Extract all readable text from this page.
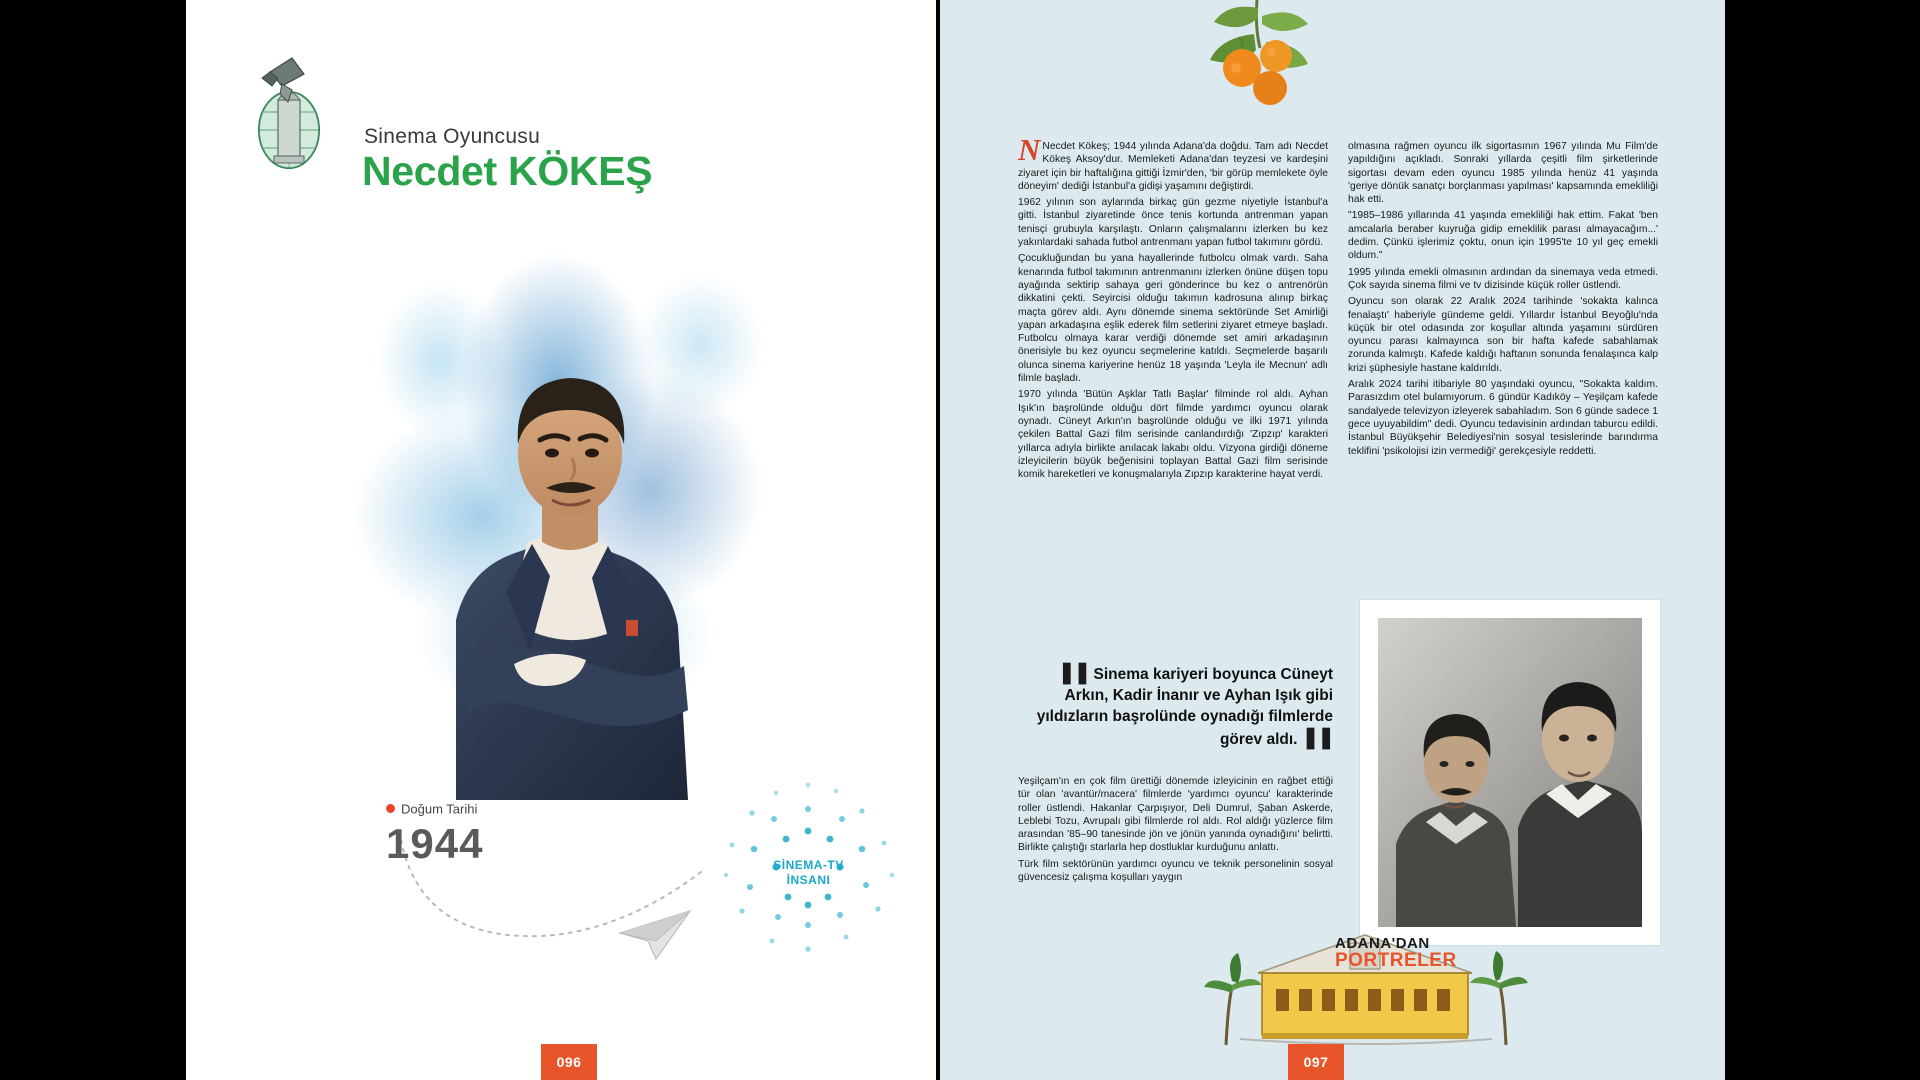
Sinema Oyuncusu
Necdet KÖKEŞ
Doğum Tarihi
1944	SİNEMA-TV
İNSANI
096

N Necdet Kökeş; 1944 yılında Adana'da doğdu. Tam adı Necdet Kökeş Aksoy'dur. Memleketi Adana'dan teyzesi ve kardeşini ziyaret için bir haftalığına gittiği İzmir'den, 'bir görüp memlekete öyle döneyim' dediği İstanbul'a gidişi yaşamını değiştirdi.

1962 yılının son aylarında birkaç gün gezme niyetiyle İstanbul'a gitti. İstanbul ziyaretinde önce tenis kortunda antrenman yapan tenisçi grubuyla karşılaştı. Onların çalışmalarını izlerken bu kez yakınlardaki sahada futbol antrenmanı yapan futbol takımını gördü.

Çocukluğundan bu yana hayallerinde futbolcu olmak vardı. Saha kenarında futbol takımının antrenmanını izlerken önüne düşen topu ayağında sektirip sahaya geri gönderince bu kez o antrenörün dikkatini çekti. Seyircisi olduğu takımın kadrosuna alınıp birkaç maçta görev aldı. Aynı dönemde sinema sektöründe Set Amirliği yapan arkadaşına eşlik ederek film setlerini ziyaret etmeye başladı. Futbolcu olmaya karar verdiği dönemde set amiri arkadaşının önerisiyle bu kez oyuncu seçmelerine katıldı. Seçmelerde başarılı olunca sinema kariyerine henüz 18 yaşında 'Leyla ile Mecnun' adlı filmle başladı.

1970 yılında 'Bütün Aşklar Tatlı Başlar' filminde rol aldı. Ayhan Işık'ın başrolünde olduğu dört filmde yardımcı oyuncu olarak oynadı. Cüneyt Arkın'ın başrolünde olduğu ve ilki 1971 yılında çekilen Battal Gazi film serisinde canlandırdığı 'Zıpzıp' karakteri yıllarca adıyla birlikte anılacak lakabı oldu. Vizyona girdiği döneme izleyicilerin büyük beğenisini toplayan Battal Gazi film serisinde komik hareketleri ve konuşmalarıyla Zıpzıp karakterine hayat verdi.

olmasına rağmen oyuncu ilk sigortasının 1967 yılında Mu Film'de yapıldığını açıkladı. Sonraki yıllarda çeşitli film şirketlerinde sigortası devam eden oyuncu 1985 yılında henüz 41 yaşında 'geriye dönük sanatçı borçlanması yapılması' kapsamında emekliliği hak etti.

"1985–1986 yıllarında 41 yaşında emekliliği hak ettim. Fakat 'ben amcalarla beraber kuyruğa gidip emeklilik parası almayacağım...' dedim. Çünkü işlerimiz çoktu, onun için 1995'te 10 yıl geç emekli oldum."

1995 yılında emekli olmasının ardından da sinemaya veda etmedi. Çok sayıda sinema filmi ve tv dizisinde küçük roller üstlendi.

Oyuncu son olarak 22 Aralık 2024 tarihinde 'sokakta kalınca fenalaştı' haberiyle gündeme geldi. Yıllardır İstanbul Beyoğlu'nda küçük bir otel odasında zor koşullar altında yaşamını sürdüren oyuncu parası kalmayınca son bir hafta kafede sabahlamak zorunda kalmıştı. Kafede kaldığı haftanın sonunda fenalaşınca kalp krizi şüphesiyle hastane kaldırıldı.

Aralık 2024 tarihi itibariyle 80 yaşındaki oyuncu, "Sokakta kaldım. Parasızdım otel bulamıyorum. 6 gündür Kadıköy – Yeşilçam kafede sandalyede televizyon izleyerek sabahladım. Son 6 günde sadece 1 gece uyuyabildim" dedi. Oyuncu tedavisinin ardından taburcu edildi. İstanbul Büyükşehir Belediyesi'nin sosyal tesislerinde barındırma teklifini 'psikolojisi izin vermediği' gerekçesiyle reddetti.

❚❚ Sinema kariyeri boyunca Cüneyt Arkın, Kadir İnanır ve Ayhan Işık gibi yıldızların başrolünde oynadığı filmlerde görev aldı. ❚❚

Yeşilçam'ın en çok film ürettiği dönemde izleyicinin en rağbet ettiği tür olan 'avantür/macera' filmlerde 'yardımcı oyuncu' karakterinde roller üstlendi. Hakanlar Çarpışıyor, Deli Dumrul, Şaban Askerde, Leblebi Tozu, Avrupalı gibi filmlerde rol aldı. Rol aldığı yüzlerce film arasından '85–90 tanesinde jön ve jönün yanında oynadığını' belirtti. Birlikte çalıştığı starlarla hep dostluklar kurduğunu anlattı.

Türk film sektörünün yardımcı oyuncu ve teknik personelinin sosyal güvencesiz çalışma koşulları yaygın

ADANA'DAN
PORTRELER
097
